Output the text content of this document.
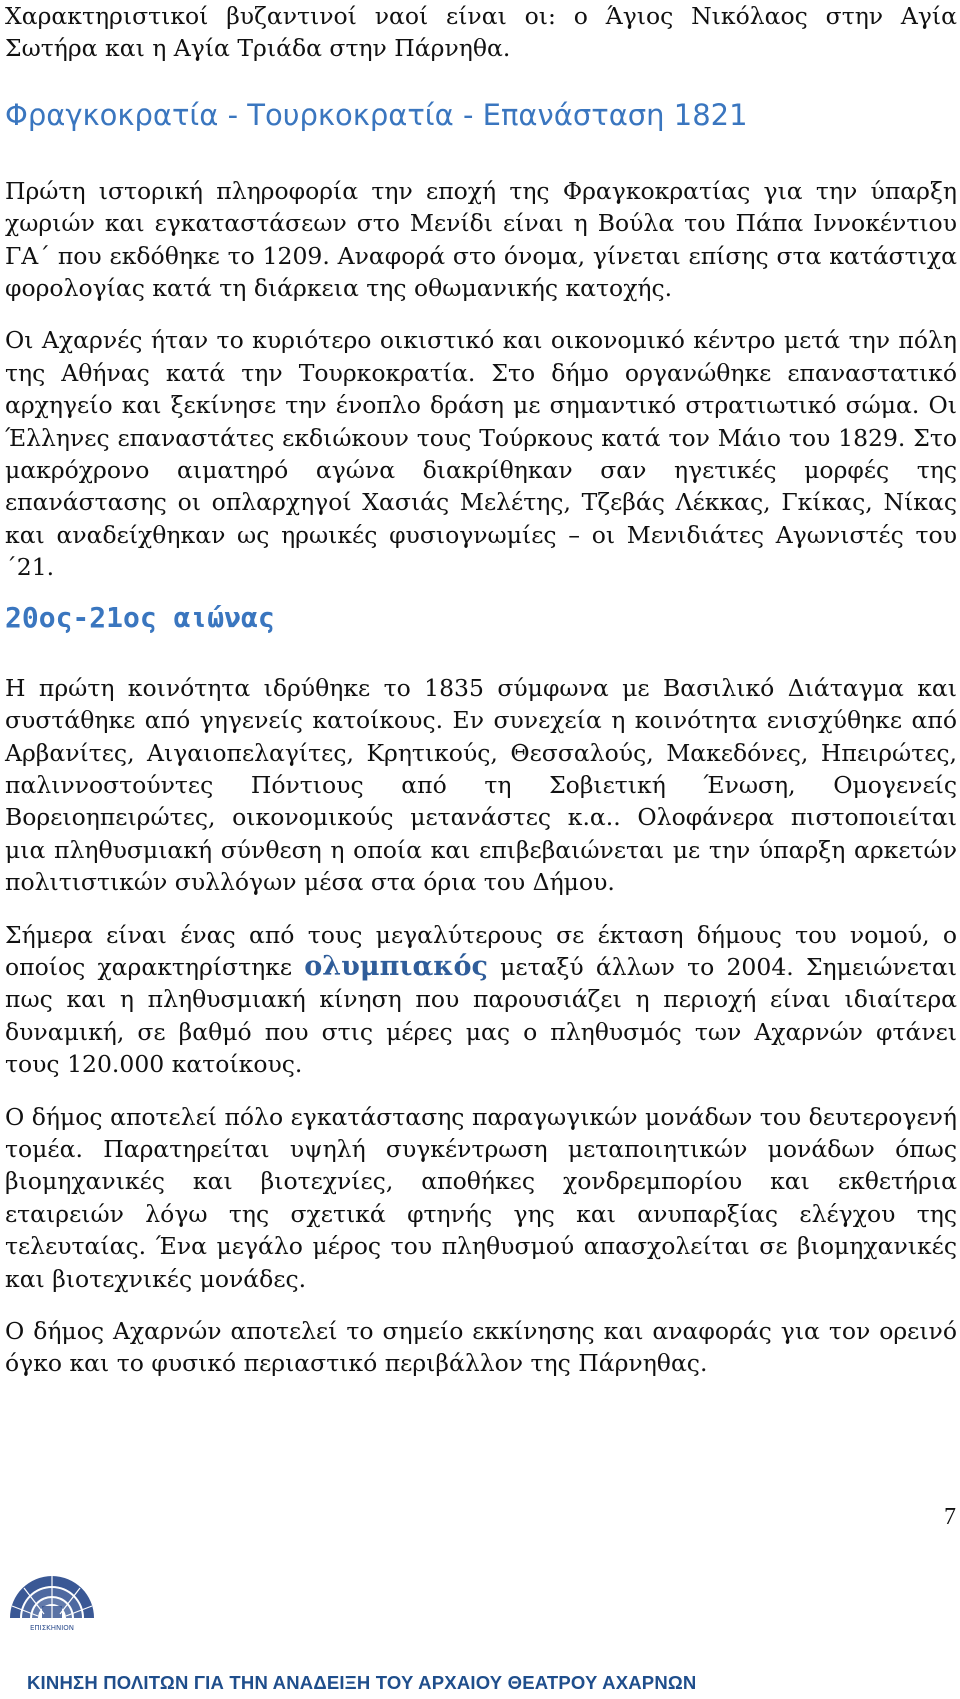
Χαρακτηριστικοί βυζαντινοί ναοί είναι οι: ο Άγιος Νικόλαος στην Αγία Σωτήρα και η Αγία Τριάδα στην Πάρνηθα.

Φραγκοκρατία - Τουρκοκρατία - Επανάσταση 1821

Πρώτη ιστορική πληροφορία την εποχή της Φραγκοκρατίας για την ύπαρξη χωριών και εγκαταστάσεων στο Μενίδι είναι η Βούλα του Πάπα Ιννοκέντιου ΓΑ΄ που εκδόθηκε το 1209. Αναφορά στο όνομα, γίνεται επίσης στα κατάστιχα φορολογίας κατά τη διάρκεια της οθωμανικής κατοχής.

Οι Αχαρνές ήταν το κυριότερο οικιστικό και οικονομικό κέντρο μετά την πόλη της Αθήνας κατά την Τουρκοκρατία. Στο δήμο οργανώθηκε επαναστατικό αρχηγείο και ξεκίνησε την ένοπλο δράση με σημαντικό στρατιωτικό σώμα. Οι Έλληνες επαναστάτες εκδιώκουν τους Τούρκους κατά τον Μάιο του 1829. Στο μακρόχρονο αιματηρό αγώνα διακρίθηκαν σαν ηγετικές μορφές της επανάστασης οι οπλαρχηγοί Χασιάς Μελέτης, Τζεβάς Λέκκας, Γκίκας, Νίκας και αναδείχθηκαν ως ηρωικές φυσιογνωμίες – οι Μενιδιάτες Αγωνιστές του ΄21.

20ος-21ος αιώνας

Η πρώτη κοινότητα ιδρύθηκε το 1835 σύμφωνα με Βασιλικό Διάταγμα και συστάθηκε από γηγενείς κατοίκους. Εν συνεχεία η κοινότητα ενισχύθηκε από Αρβανίτες, Αιγαιοπελαγίτες, Κρητικούς, Θεσσαλούς, Μακεδόνες, Ηπειρώτες, παλιννοστούντες Πόντιους από τη Σοβιετική Ένωση, Ομογενείς Βορειοηπειρώτες, οικονομικούς μετανάστες κ.α.. Ολοφάνερα πιστοποιείται μια πληθυσμιακή σύνθεση η οποία και επιβεβαιώνεται με την ύπαρξη αρκετών πολιτιστικών συλλόγων μέσα στα όρια του Δήμου.

Σήμερα είναι ένας από τους μεγαλύτερους σε έκταση δήμους του νομού, ο οποίος χαρακτηρίστηκε ολυμπιακός μεταξύ άλλων το 2004. Σημειώνεται πως και η πληθυσμιακή κίνηση που παρουσιάζει η περιοχή είναι ιδιαίτερα δυναμική, σε βαθμό που στις μέρες μας ο πληθυσμός των Αχαρνών φτάνει τους 120.000 κατοίκους.

Ο δήμος αποτελεί πόλο εγκατάστασης παραγωγικών μονάδων του δευτερογενή τομέα. Παρατηρείται υψηλή συγκέντρωση μεταποιητικών μονάδων όπως βιομηχανικές και βιοτεχνίες, αποθήκες χονδρεμπορίου και εκθετήρια εταιρειών λόγω της σχετικά φτηνής γης και ανυπαρξίας ελέγχου της τελευταίας. Ένα μεγάλο μέρος του πληθυσμού απασχολείται σε βιομηχανικές και βιοτεχνικές μονάδες.

Ο δήμος Αχαρνών αποτελεί το σημείο εκκίνησης και αναφοράς για τον ορεινό όγκο και το φυσικό περιαστικό περιβάλλον της Πάρνηθας.

7
ΕΠΙΣΚΗΝΙΟΝ
ΚΙΝΗΣΗ ΠΟΛΙΤΩΝ ΓΙΑ ΤΗΝ ΑΝΑΔΕΙΞΗ ΤΟΥ ΑΡΧΑΙΟΥ ΘΕΑΤΡΟΥ ΑΧΑΡΝΩΝ
